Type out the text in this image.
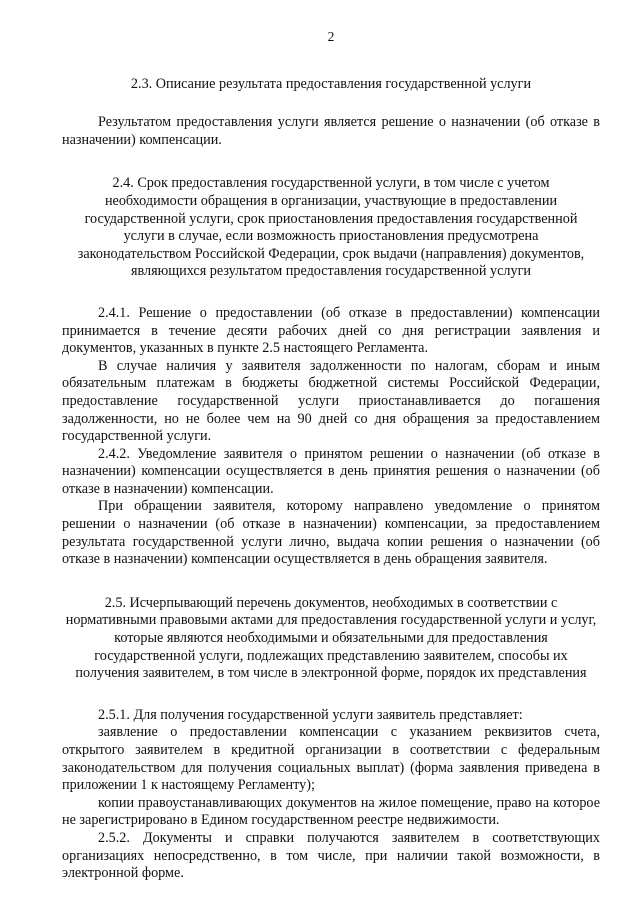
2
2.3. Описание результата предоставления государственной услуги

Результатом предоставления услуги является решение о назначении (об отказе в назначении) компенсации.

2.4. Срок предоставления государственной услуги, в том числе с учетом необходимости обращения в организации, участвующие в предоставлении государственной услуги, срок приостановления предоставления государственной услуги в случае, если возможность приостановления предусмотрена законодательством Российской Федерации, срок выдачи (направления) документов, являющихся результатом предоставления государственной услуги

2.4.1. Решение о предоставлении (об отказе в предоставлении) компенсации принимается в течение десяти рабочих дней со дня регистрации заявления и документов, указанных в пункте 2.5 настоящего Регламента.

В случае наличия у заявителя задолженности по налогам, сборам и иным обязательным платежам в бюджеты бюджетной системы Российской Федерации, предоставление государственной услуги приостанавливается до погашения задолженности, но не более чем на 90 дней со дня обращения за предоставлением государственной услуги.

2.4.2. Уведомление заявителя о принятом решении о назначении (об отказе в назначении) компенсации осуществляется в день принятия решения о назначении (об отказе в назначении) компенсации.

При обращении заявителя, которому направлено уведомление о принятом решении о назначении (об отказе в назначении) компенсации, за предоставлением результата государственной услуги лично, выдача копии решения о назначении (об отказе в назначении) компенсации осуществляется в день обращения заявителя.

2.5. Исчерпывающий перечень документов, необходимых в соответствии с нормативными правовыми актами для предоставления государственной услуги и услуг, которые являются необходимыми и обязательными для предоставления государственной услуги, подлежащих представлению заявителем, способы их получения заявителем, в том числе в электронной форме, порядок их представления

2.5.1. Для получения государственной услуги заявитель представляет:

заявление о предоставлении компенсации с указанием реквизитов счета, открытого заявителем в кредитной организации в соответствии с федеральным законодательством для получения социальных выплат) (форма заявления приведена в приложении 1 к настоящему Регламенту);

копии правоустанавливающих документов на жилое помещение, право на которое не зарегистрировано в Едином государственном реестре недвижимости.

2.5.2. Документы и справки получаются заявителем в соответствующих организациях непосредственно, в том числе, при наличии такой возможности, в электронной форме.
